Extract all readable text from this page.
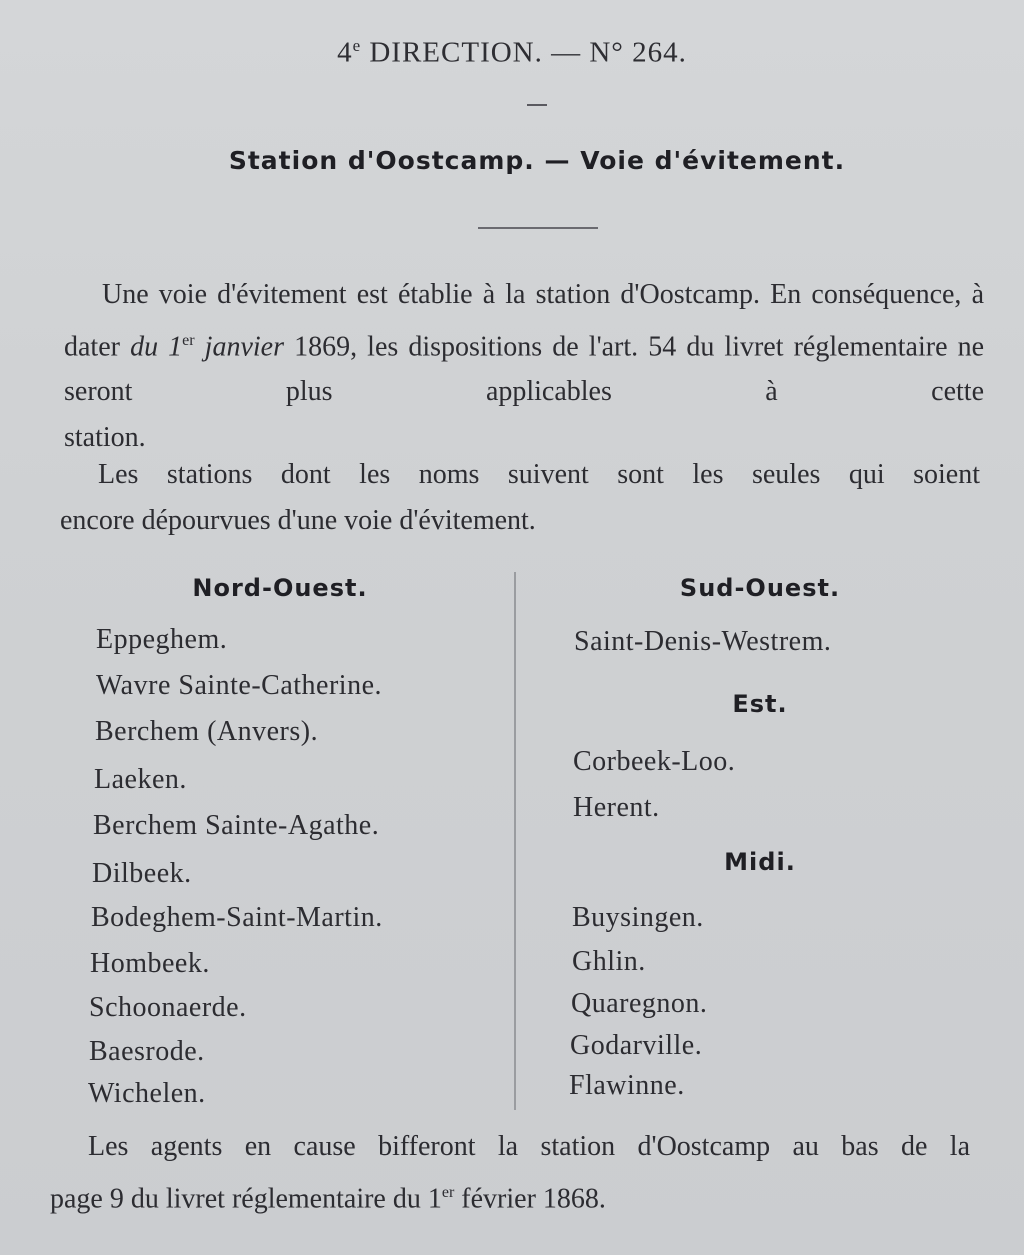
4e DIRECTION. — N° 264.
Station d'Oostcamp. — Voie d'évitement.
Une voie d'évitement est établie à la station d'Oostcamp. En conséquence, à dater du 1er janvier 1869, les dispositions de l'art. 54 du livret réglementaire ne seront plus applicables à cette
station.
Les stations dont les noms suivent sont les seules qui soient
encore dépourvues d'une voie d'évitement.
Nord-Ouest.
Eppeghem.
Wavre Sainte-Catherine.
Berchem (Anvers).
Laeken.
Berchem Sainte-Agathe.
Dilbeek.
Bodeghem-Saint-Martin.
Hombeek.
Schoonaerde.
Baesrode.
Wichelen.
Sud-Ouest.
Saint-Denis-Westrem.
Est.
Corbeek-Loo.
Herent.
Midi.
Buysingen.
Ghlin.
Quaregnon.
Godarville.
Flawinne.
Les agents en cause bifferont la station d'Oostcamp au bas de la
page 9 du livret réglementaire du 1er février 1868.
